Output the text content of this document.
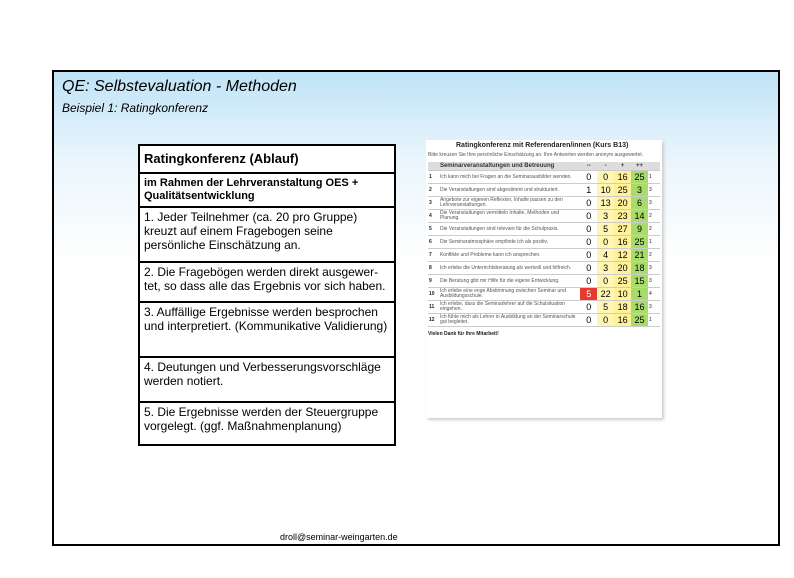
QE: Selbstevaluation - Methoden
Beispiel 1: Ratingkonferenz
Ratingkonferenz (Ablauf)
im Rahmen der Lehrveranstaltung OES + Qualitätsentwicklung
1. Jeder Teilnehmer (ca. 20 pro Gruppe) kreuzt auf einem Fragebogen seine persönliche Einschätzung an.
2. Die Fragebögen werden direkt ausgewer-tet, so dass alle das Ergebnis vor sich haben.
3. Auffällige Ergebnisse werden besprochen und interpretiert. (Kommunikative Validierung)
4. Deutungen und Verbesserungsvorschläge werden notiert.
5. Die Ergebnisse werden der Steuergruppe vorgelegt. (ggf. Maßnahmenplanung)
Ratingkonferenz mit Referendaren/innen (Kurs B13)
Bitte kreuzen Sie Ihre persönliche Einschätzung an. Ihre Antworten werden anonym ausgewertet.
	Seminarveranstaltungen und Betreuung	--	-	+	++	
1	Ich kann mich bei Fragen an die Seminarausbilder wenden.	0	0	16	25	1
2	Die Veranstaltungen sind abgestimmt und strukturiert.	1	10	25	3	3
3	Angebote zur eigenen Reflexion, Inhalte passen zu den Lehrveranstaltungen.	0	13	20	6	3
4	Die Veranstaltungen vermitteln Inhalte, Methoden und Planung.	0	3	23	14	2
5	Die Veranstaltungen sind relevant für die Schulpraxis.	0	5	27	9	2
6	Die Seminaratmosphäre empfinde ich als positiv.	0	0	16	25	1
7	Konflikte und Probleme kann ich ansprechen.	0	4	12	21	2
8	Ich erlebe die Unterrichtsberatung als wertvoll und hilfreich.	0	3	20	18	3
9	Die Beratung gibt mir Hilfe für die eigene Entwicklung.	0	0	25	15	3
10	Ich erlebe eine enge Abstimmung zwischen Seminar und Ausbildungsschule.	5	22	10	1	4
11	Ich erlebe, dass die Seminarlehrer auf die Schulsituation eingehen.	0	5	18	16	3
12	Ich fühle mich als Lehrer in Ausbildung an der Seminarschule gut begleitet.	0	0	16	25	1
Vielen Dank für Ihre Mitarbeit!
droll@seminar-weingarten.de
